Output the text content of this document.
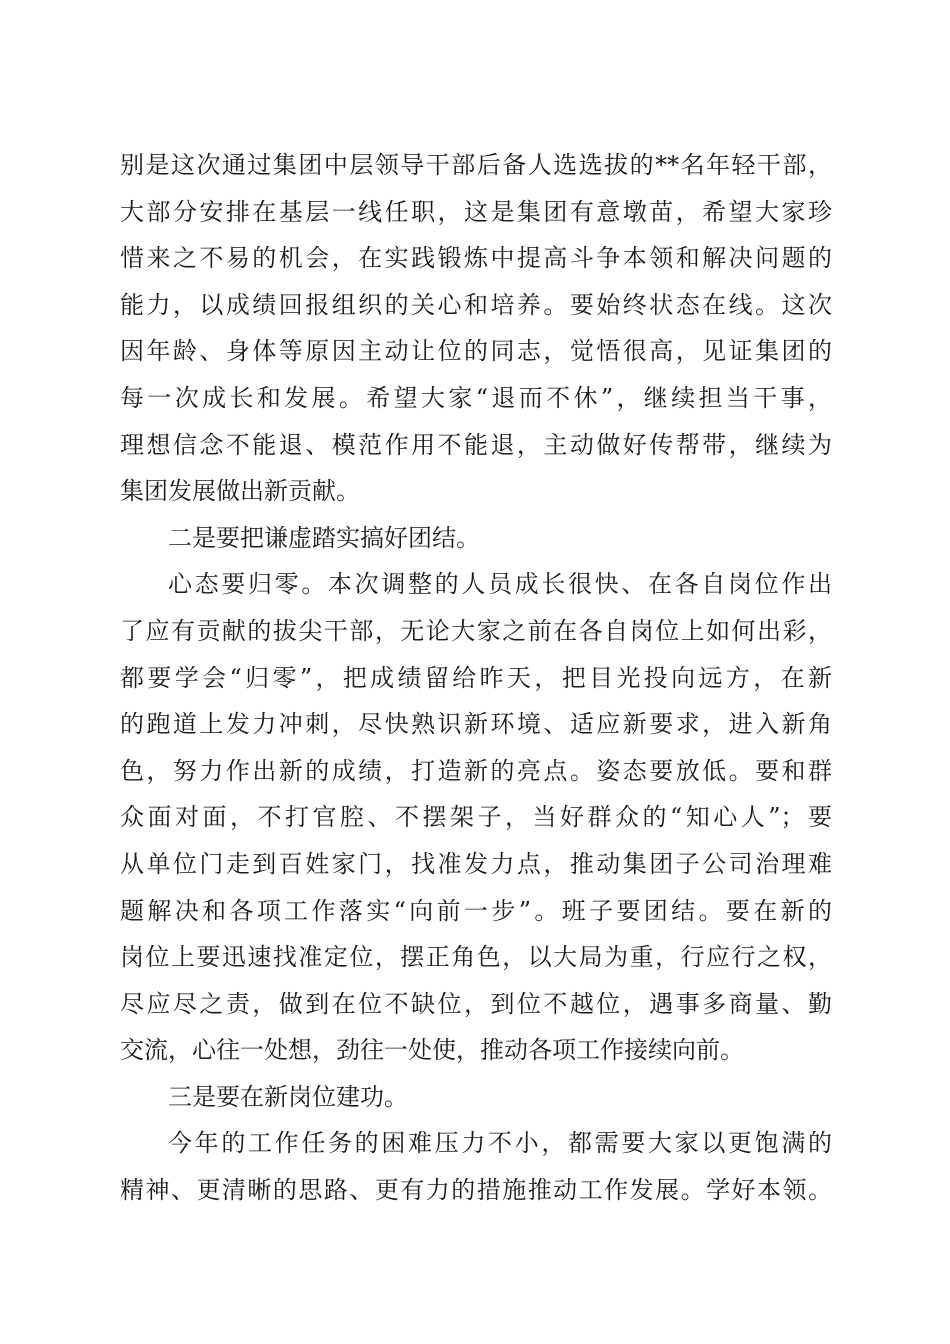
别是这次通过集团中层领导干部后备人选选拔的**名年轻干部，
大部分安排在基层一线任职，这是集团有意墩苗，希望大家珍
惜来之不易的机会，在实践锻炼中提高斗争本领和解决问题的
能力，以成绩回报组织的关心和培养。要始终状态在线。这次
因年龄、身体等原因主动让位的同志，觉悟很高，见证集团的
每一次成长和发展。希望大家“退而不休”，继续担当干事，
理想信念不能退、模范作用不能退，主动做好传帮带，继续为
集团发展做出新贡献。
二是要把谦虚踏实搞好团结。
心态要归零。本次调整的人员成长很快、在各自岗位作出
了应有贡献的拔尖干部，无论大家之前在各自岗位上如何出彩，
都要学会“归零”，把成绩留给昨天，把目光投向远方，在新
的跑道上发力冲刺，尽快熟识新环境、适应新要求，进入新角
色，努力作出新的成绩，打造新的亮点。姿态要放低。要和群
众面对面，不打官腔、不摆架子，当好群众的“知心人”；要
从单位门走到百姓家门，找准发力点，推动集团子公司治理难
题解决和各项工作落实“向前一步”。班子要团结。要在新的
岗位上要迅速找准定位，摆正角色，以大局为重，行应行之权，
尽应尽之责，做到在位不缺位，到位不越位，遇事多商量、勤
交流，心往一处想，劲往一处使，推动各项工作接续向前。
三是要在新岗位建功。
今年的工作任务的困难压力不小，都需要大家以更饱满的
精神、更清晰的思路、更有力的措施推动工作发展。学好本领。
